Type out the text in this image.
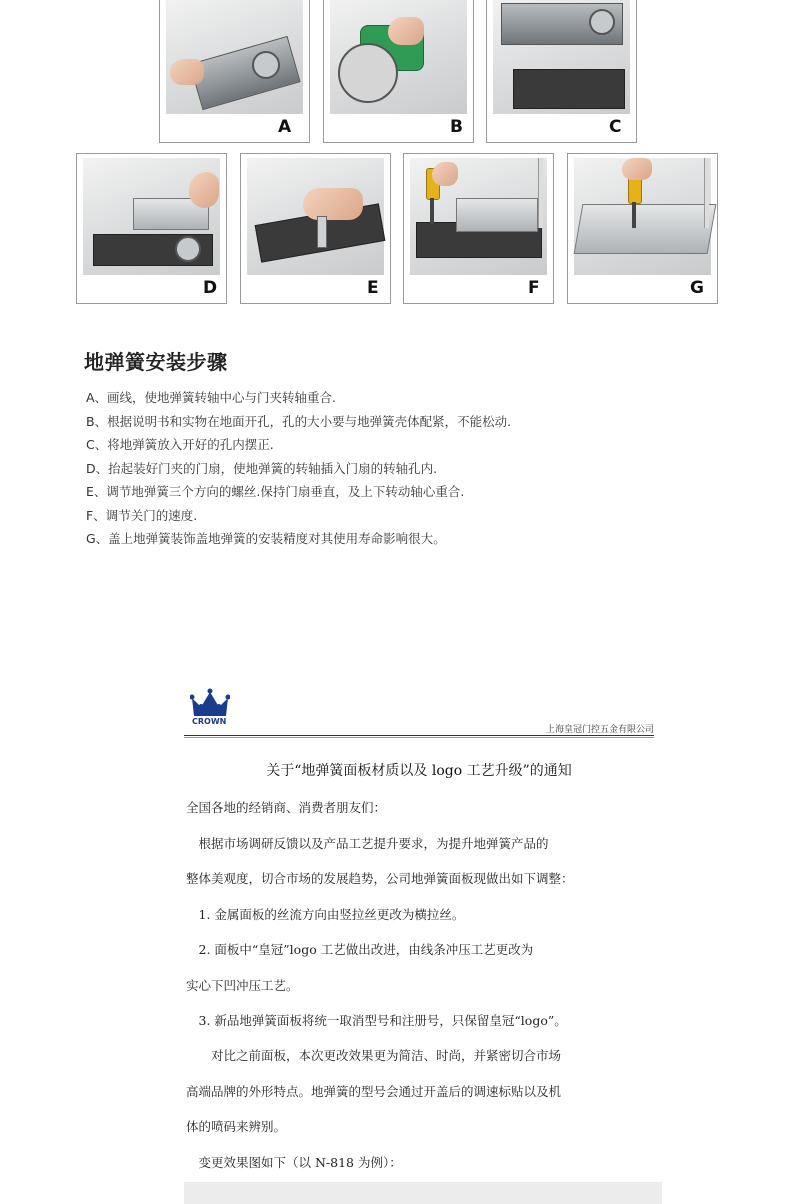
A	B	C
D	E	F	G
地弹簧安装步骤
A、画线，使地弹簧转轴中心与门夹转轴重合.
B、根据说明书和实物在地面开孔，孔的大小要与地弹簧壳体配紧，不能松动.
C、将地弹簧放入开好的孔内摆正.
D、抬起装好门夹的门扇，使地弹簧的转轴插入门扇的转轴孔内.
E、调节地弹簧三个方向的螺丝.保持门扇垂直，及上下转动轴心重合.
F、调节关门的速度.
G、盖上地弹簧装饰盖地弹簧的安装精度对其使用寿命影响很大。
CROWN
上海皇冠门控五金有限公司
关于“地弹簧面板材质以及 logo 工艺升级”的通知
全国各地的经销商、消费者朋友们：
　根据市场调研反馈以及产品工艺提升要求，为提升地弹簧产品的
整体美观度，切合市场的发展趋势，公司地弹簧面板现做出如下调整：
　1. 金属面板的丝流方向由竖拉丝更改为横拉丝。
　2. 面板中“皇冠”logo 工艺做出改进，由线条冲压工艺更改为
实心下凹冲压工艺。
　3. 新品地弹簧面板将统一取消型号和注册号，只保留皇冠“logo”。
　　对比之前面板，本次更改效果更为简洁、时尚，并紧密切合市场
高端品牌的外形特点。地弹簧的型号会通过开盖后的调速标贴以及机
体的喷码来辨别。
　变更效果图如下（以 N-818 为例）：
